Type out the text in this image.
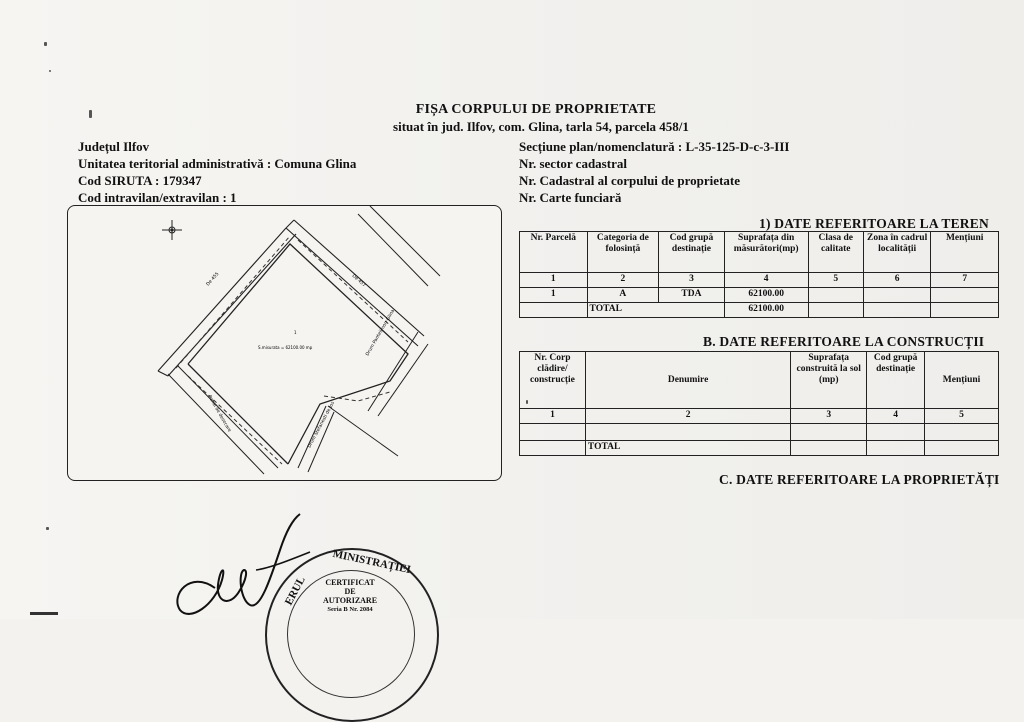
FIȘA CORPULUI DE PROPRIETATE
situat în jud. Ilfov, com. Glina, tarla 54, parcela 458/1
Județul Ilfov
Unitatea teritorial administrativă : Comuna Glina
Cod SIRUTA : 179347
Cod intravilan/extravilan : 1
Secțiune plan/nomenclatură : L-35-125-D-c-3-III
Nr. sector cadastral
Nr. Cadastral al corpului de proprietate
Nr. Carte funciară
De 455	De 457
1
S.misurata = 62100.00 mp	Drum Pantelimon-Glina
Canal de desecare	Drum Stefanesti de Jos
1) DATE REFERITOARE LA TEREN
Nr. Parcelă	Categoria de folosință	Cod grupă destinație	Suprafața din măsurători(mp)	Clasa de calitate	Zona în cadrul localității	Mențiuni
1	2	3	4	5	6	7
1	A	TDA	62100.00			
	TOTAL		62100.00			
B. DATE REFERITOARE LA CONSTRUCȚII
Nr. Corp clădire/ construcție	Denumire	Suprafața construită la sol (mp)	Cod grupă destinație	Mențiuni
1	2	3	4	5

	TOTAL			
C. DATE REFERITOARE LA PROPRIETĂȚI
MINISTRAȚIEI
ERUL	CERTIFICAT
DE
AUTORIZARE
Seria B Nr. 2084
